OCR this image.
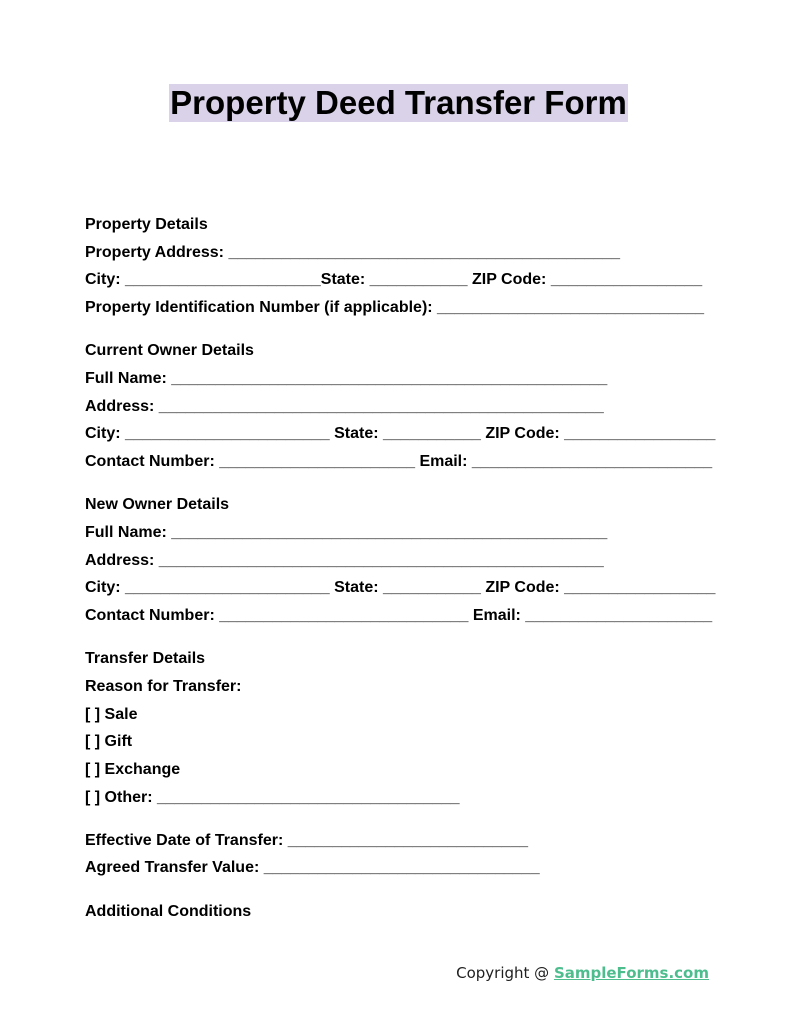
Property Deed Transfer Form
Property Details
Property Address: ____________________________________________
City: ______________________State: ___________ ZIP Code: _________________
Property Identification Number (if applicable): ______________________________
Current Owner Details
Full Name: _________________________________________________
Address: __________________________________________________
City: _______________________ State: ___________ ZIP Code: _________________
Contact Number: ______________________ Email: ___________________________
New Owner Details
Full Name: _________________________________________________
Address: __________________________________________________
City: _______________________ State: ___________ ZIP Code: _________________
Contact Number: ____________________________ Email: _____________________
Transfer Details
Reason for Transfer:
[ ] Sale
[ ] Gift
[ ] Exchange
[ ] Other: __________________________________
Effective Date of Transfer: ___________________________
Agreed Transfer Value: _______________________________
Additional Conditions
Copyright @ SampleForms.com
